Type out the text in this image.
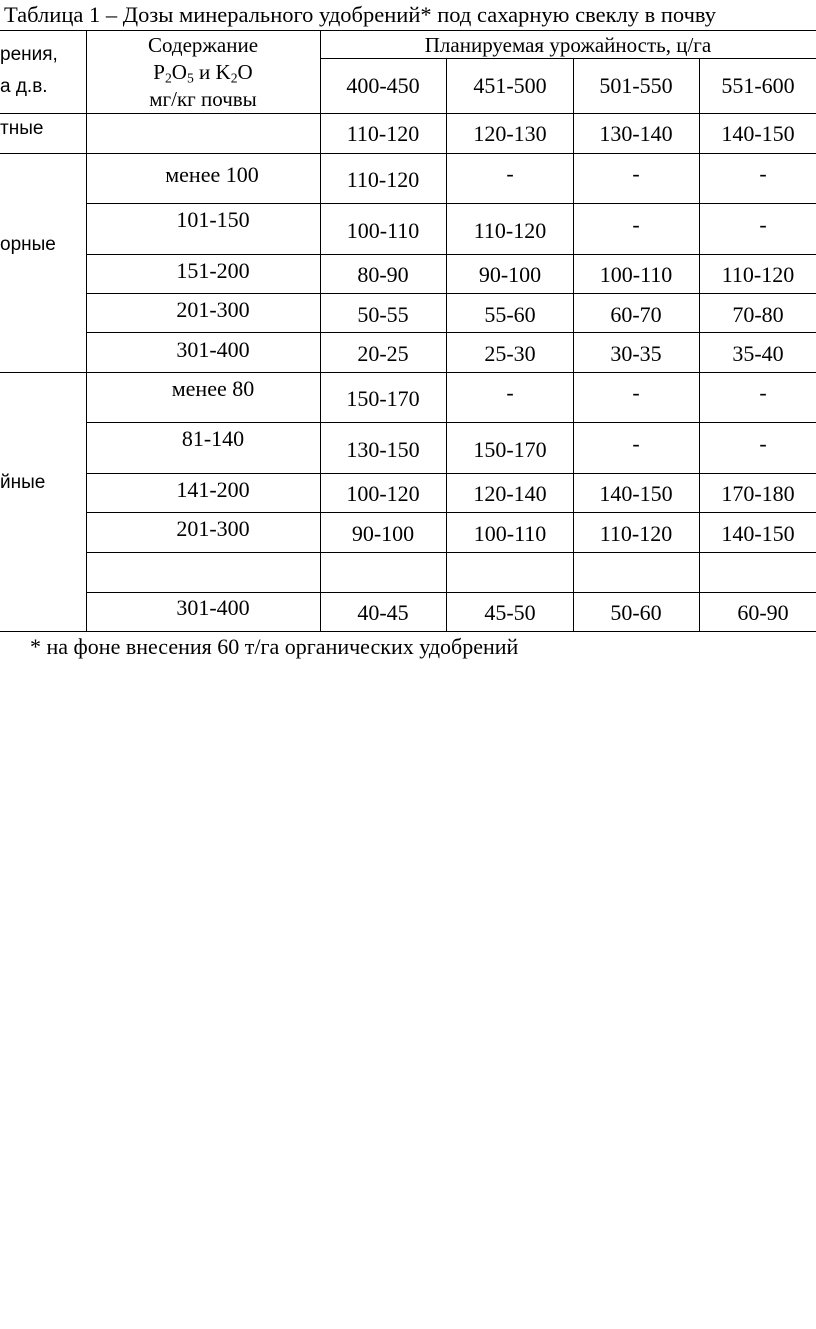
Таблица 1 – Дозы минерального удобрений* под сахарную свеклу в почву
рения,
а д.в.
Содержание
$P_2O_5$ и $K_2O$
мг/кг почвы
Планируемая урожайность, ц/га
400-450 451-500 501-550 551-600
тные	110-120 120-130 130-140 140-150
орные
менее 100	110-120	-	-	-
101-150	100-110 110-120	-	-
151-200	80-90	90-100	100-110 110-120
201-300	50-55	55-60	60-70	70-80
301-400	20-25	25-30	30-35	35-40
йные
менее 80	150-170	-	-	-
81-140	130-150 150-170	-	-
141-200	100-120 120-140 140-150 170-180
201-300	90-100	100-110 110-120 140-150
301-400	40-45	45-50	50-60	60-90
* на фоне внесения 60 т/га органических удобрений
